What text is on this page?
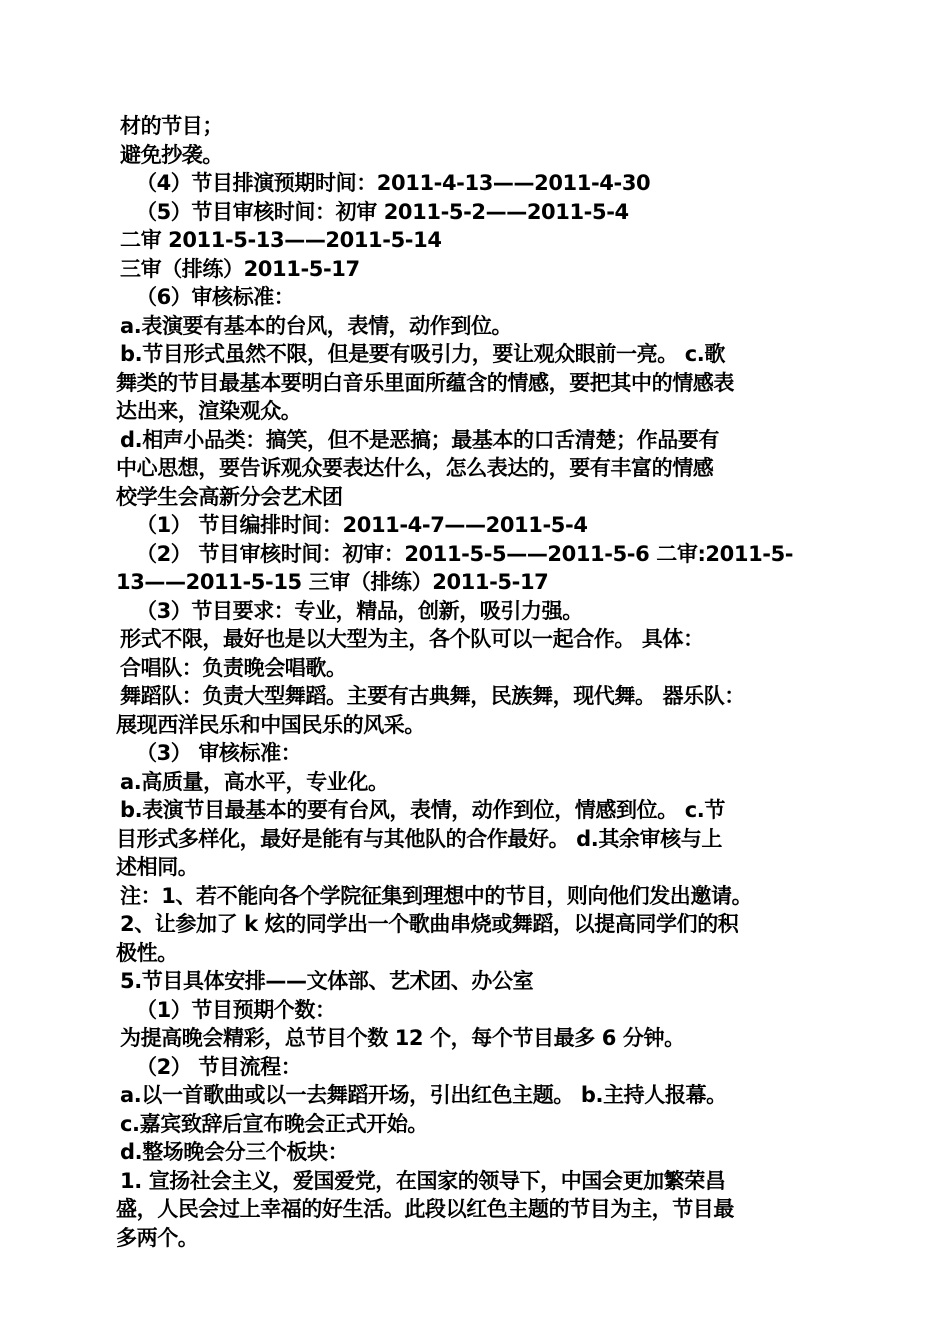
材的节目；
避免抄袭。
（4）节目排演预期时间：2011-4-13——2011-4-30
（5）节目审核时间：初审 2011-5-2——2011-5-4
二审 2011-5-13——2011-5-14
三审（排练）2011-5-17
（6）审核标准：
a.表演要有基本的台风，表情，动作到位。
b.节目形式虽然不限，但是要有吸引力，要让观众眼前一亮。 c.歌
舞类的节目最基本要明白音乐里面所蕴含的情感，要把其中的情感表
达出来，渲染观众。
d.相声小品类：搞笑，但不是恶搞；最基本的口舌清楚；作品要有
中心思想，要告诉观众要表达什么，怎么表达的，要有丰富的情感
校学生会高新分会艺术团
（1） 节目编排时间：2011-4-7——2011-5-4
（2） 节目审核时间：初审：2011-5-5——2011-5-6 二审:2011-5-
13——2011-5-15 三审（排练）2011-5-17
（3）节目要求：专业，精品，创新，吸引力强。
形式不限，最好也是以大型为主，各个队可以一起合作。 具体：
合唱队：负责晚会唱歌。
舞蹈队：负责大型舞蹈。主要有古典舞，民族舞，现代舞。 器乐队：
展现西洋民乐和中国民乐的风采。
（3） 审核标准：
a.高质量，高水平，专业化。
b.表演节目最基本的要有台风，表情，动作到位，情感到位。 c.节
目形式多样化，最好是能有与其他队的合作最好。 d.其余审核与上
述相同。
注：1、若不能向各个学院征集到理想中的节目，则向他们发出邀请。
2、让参加了 k 炫的同学出一个歌曲串烧或舞蹈，以提高同学们的积
极性。
5.节目具体安排——文体部、艺术团、办公室
（1）节目预期个数：
为提高晚会精彩，总节目个数 12 个，每个节目最多 6 分钟。
（2） 节目流程：
a.以一首歌曲或以一去舞蹈开场，引出红色主题。 b.主持人报幕。
c.嘉宾致辞后宣布晚会正式开始。
d.整场晚会分三个板块：
1. 宣扬社会主义，爱国爱党，在国家的领导下，中国会更加繁荣昌
盛，人民会过上幸福的好生活。此段以红色主题的节目为主，节目最
多两个。
